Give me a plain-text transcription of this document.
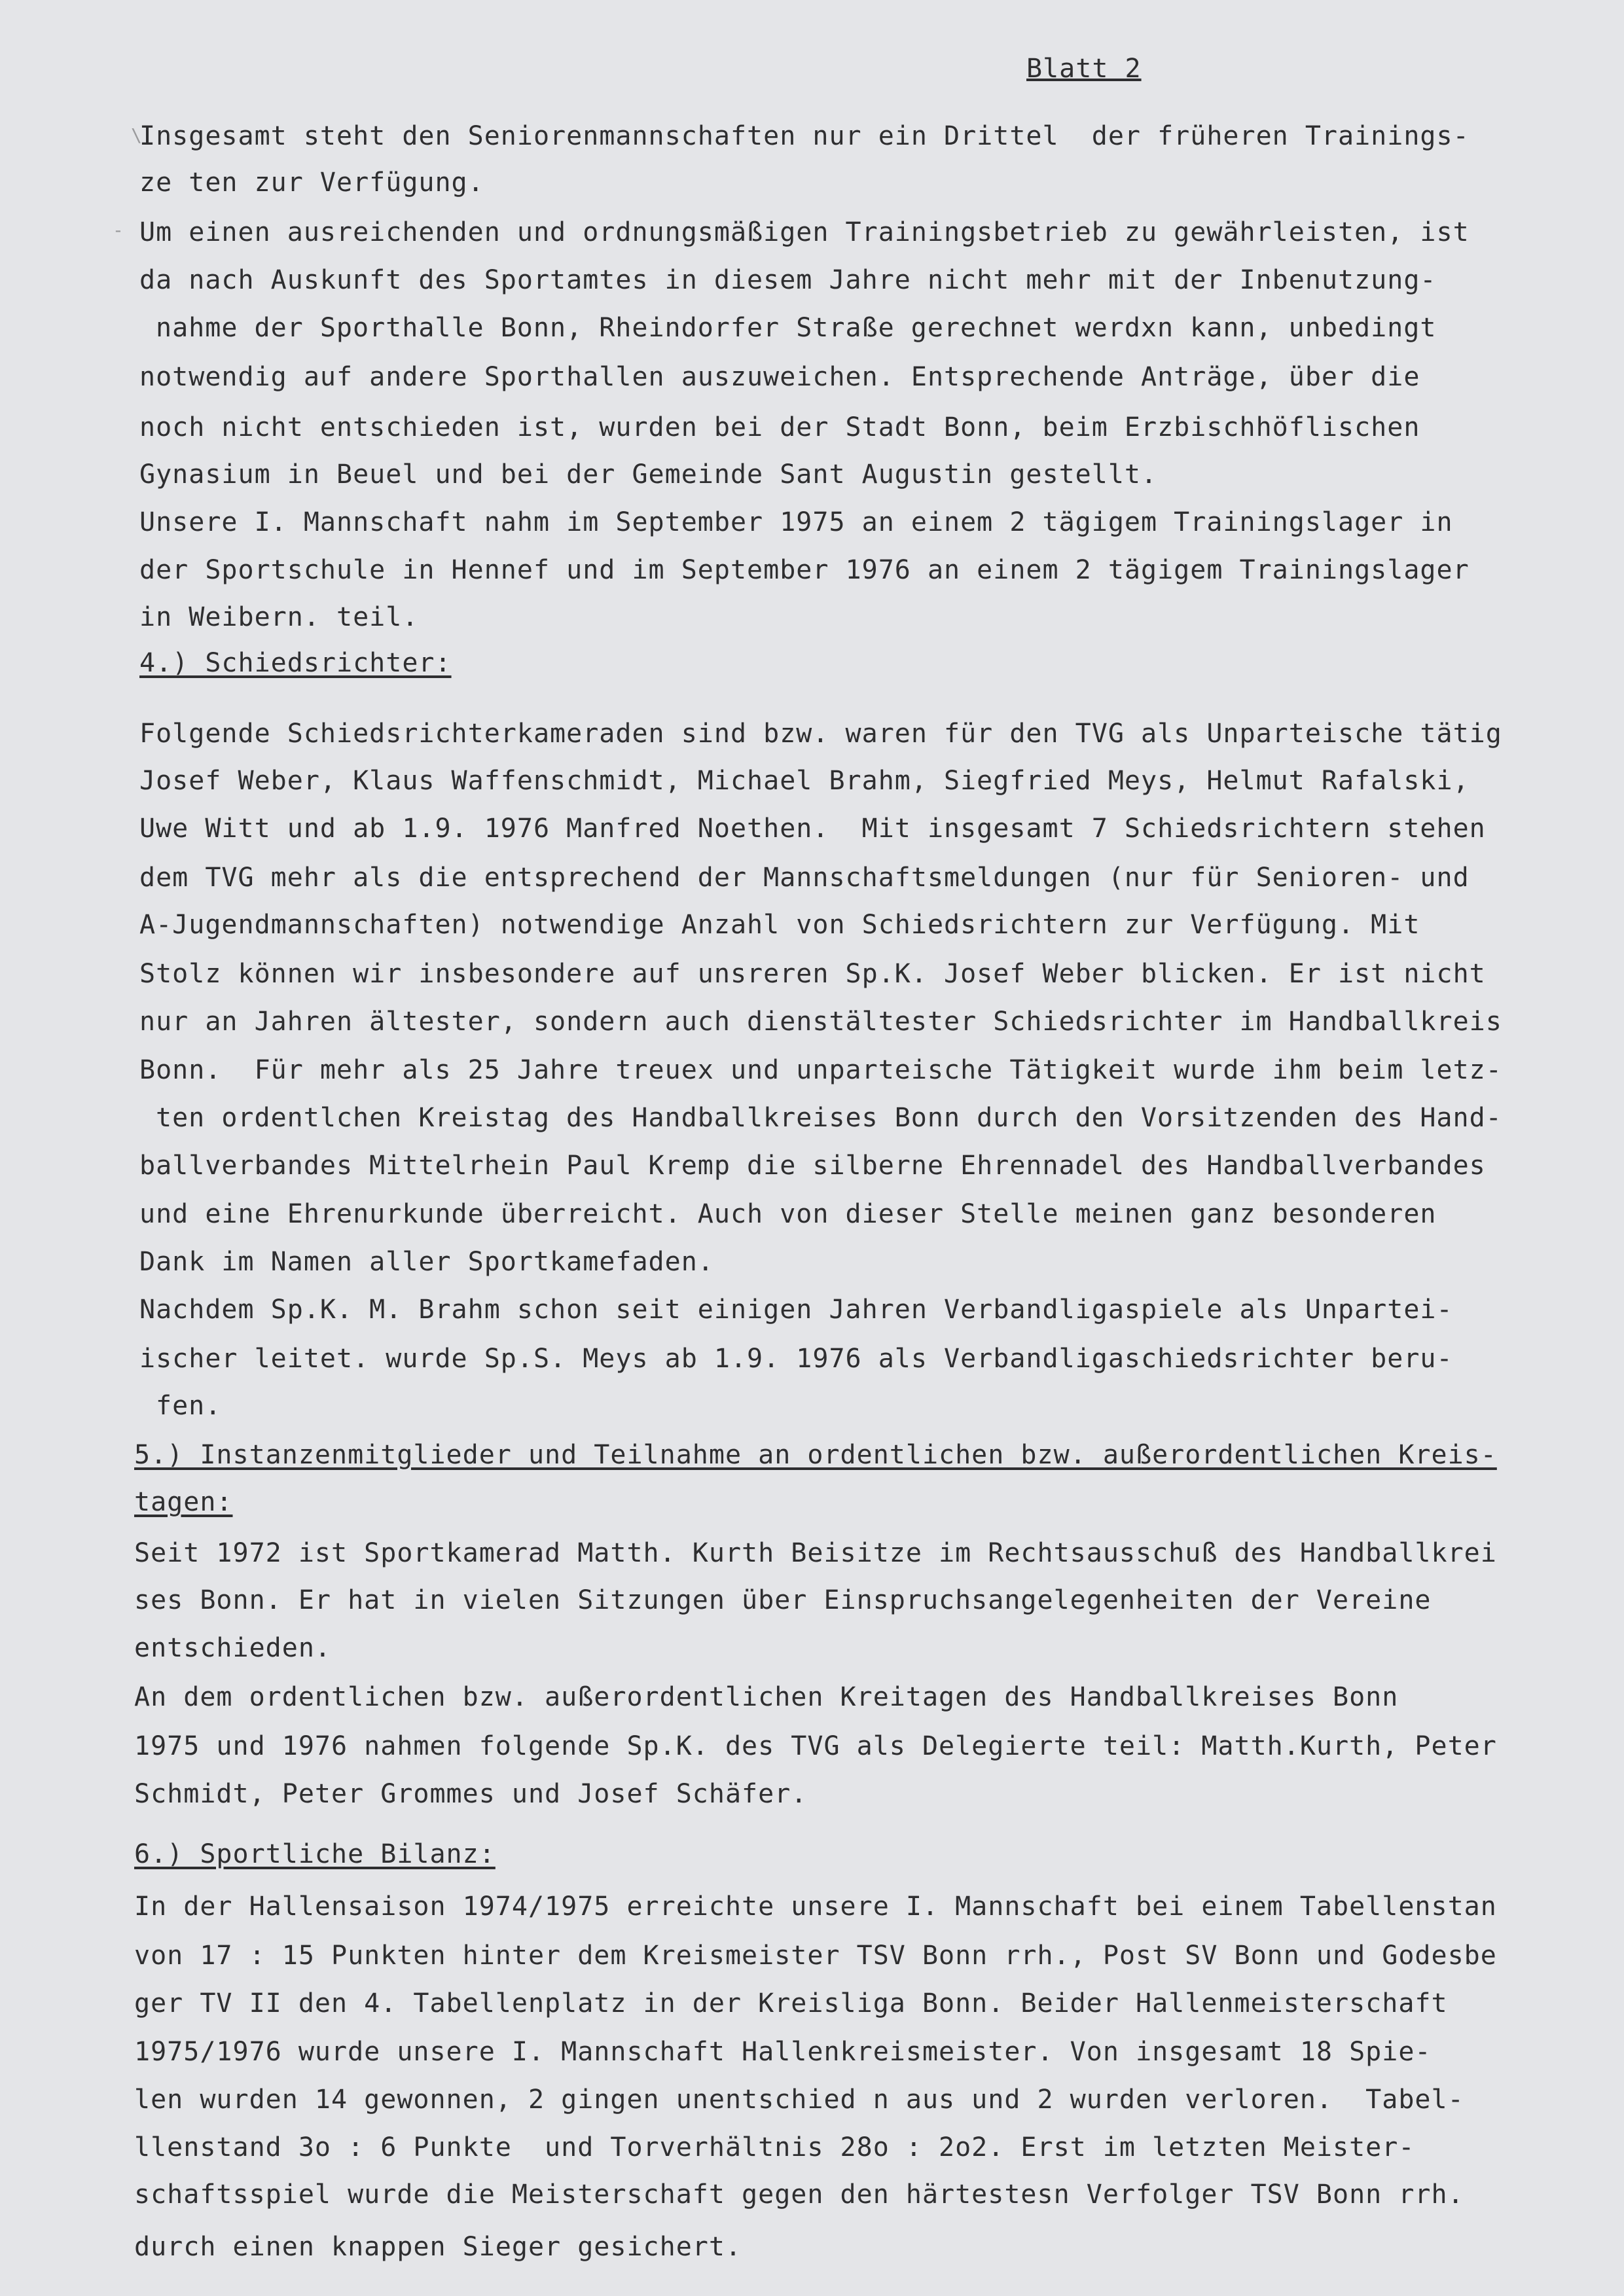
Blatt 2
\
-
Insgesamt steht den Seniorenmannschaften nur ein Drittel  der früheren Trainings-
ze ten zur Verfügung.
Um einen ausreichenden und ordnungsmäßigen Trainingsbetrieb zu gewährleisten, ist
da nach Auskunft des Sportamtes in diesem Jahre nicht mehr mit der Inbenutzung-
nahme der Sporthalle Bonn, Rheindorfer Straße gerechnet werdxn kann, unbedingt
notwendig auf andere Sporthallen auszuweichen. Entsprechende Anträge, über die
noch nicht entschieden ist, wurden bei der Stadt Bonn, beim Erzbischhöflischen
Gynasium in Beuel und bei der Gemeinde Sant Augustin gestellt.
Unsere I. Mannschaft nahm im September 1975 an einem 2 tägigem Trainingslager in
der Sportschule in Hennef und im September 1976 an einem 2 tägigem Trainingslager
in Weibern. teil.
4.) Schiedsrichter:
Folgende Schiedsrichterkameraden sind bzw. waren für den TVG als Unparteische tätig
Josef Weber, Klaus Waffenschmidt, Michael Brahm, Siegfried Meys, Helmut Rafalski,
Uwe Witt und ab 1.9. 1976 Manfred Noethen.  Mit insgesamt 7 Schiedsrichtern stehen
dem TVG mehr als die entsprechend der Mannschaftsmeldungen (nur für Senioren- und
A-Jugendmannschaften) notwendige Anzahl von Schiedsrichtern zur Verfügung. Mit
Stolz können wir insbesondere auf unsreren Sp.K. Josef Weber blicken. Er ist nicht
nur an Jahren ältester, sondern auch dienstältester Schiedsrichter im Handballkreis
Bonn.  Für mehr als 25 Jahre treuex und unparteische Tätigkeit wurde ihm beim letz-
ten ordentlchen Kreistag des Handballkreises Bonn durch den Vorsitzenden des Hand-
ballverbandes Mittelrhein Paul Kremp die silberne Ehrennadel des Handballverbandes
und eine Ehrenurkunde überreicht. Auch von dieser Stelle meinen ganz besonderen
Dank im Namen aller Sportkamefaden.
Nachdem Sp.K. M. Brahm schon seit einigen Jahren Verbandligaspiele als Unpartei-
ischer leitet. wurde Sp.S. Meys ab 1.9. 1976 als Verbandligaschiedsrichter beru-
fen.
5.) Instanzenmitglieder und Teilnahme an ordentlichen bzw. außerordentlichen Kreis-
tagen:
Seit 1972 ist Sportkamerad Matth. Kurth Beisitze im Rechtsausschuß des Handballkrei
ses Bonn. Er hat in vielen Sitzungen über Einspruchsangelegenheiten der Vereine
entschieden.
An dem ordentlichen bzw. außerordentlichen Kreitagen des Handballkreises Bonn
1975 und 1976 nahmen folgende Sp.K. des TVG als Delegierte teil: Matth.Kurth, Peter
Schmidt, Peter Grommes und Josef Schäfer.
6.) Sportliche Bilanz:
In der Hallensaison 1974/1975 erreichte unsere I. Mannschaft bei einem Tabellenstan
von 17 : 15 Punkten hinter dem Kreismeister TSV Bonn rrh., Post SV Bonn und Godesbe
ger TV II den 4. Tabellenplatz in der Kreisliga Bonn. Beider Hallenmeisterschaft
1975/1976 wurde unsere I. Mannschaft Hallenkreismeister. Von insgesamt 18 Spie-
len wurden 14 gewonnen, 2 gingen unentschied n aus und 2 wurden verloren.  Tabel-
llenstand 3o : 6 Punkte  und Torverhältnis 28o : 2o2. Erst im letzten Meister-
schaftsspiel wurde die Meisterschaft gegen den härtestesn Verfolger TSV Bonn rrh.
durch einen knappen Sieger gesichert.
